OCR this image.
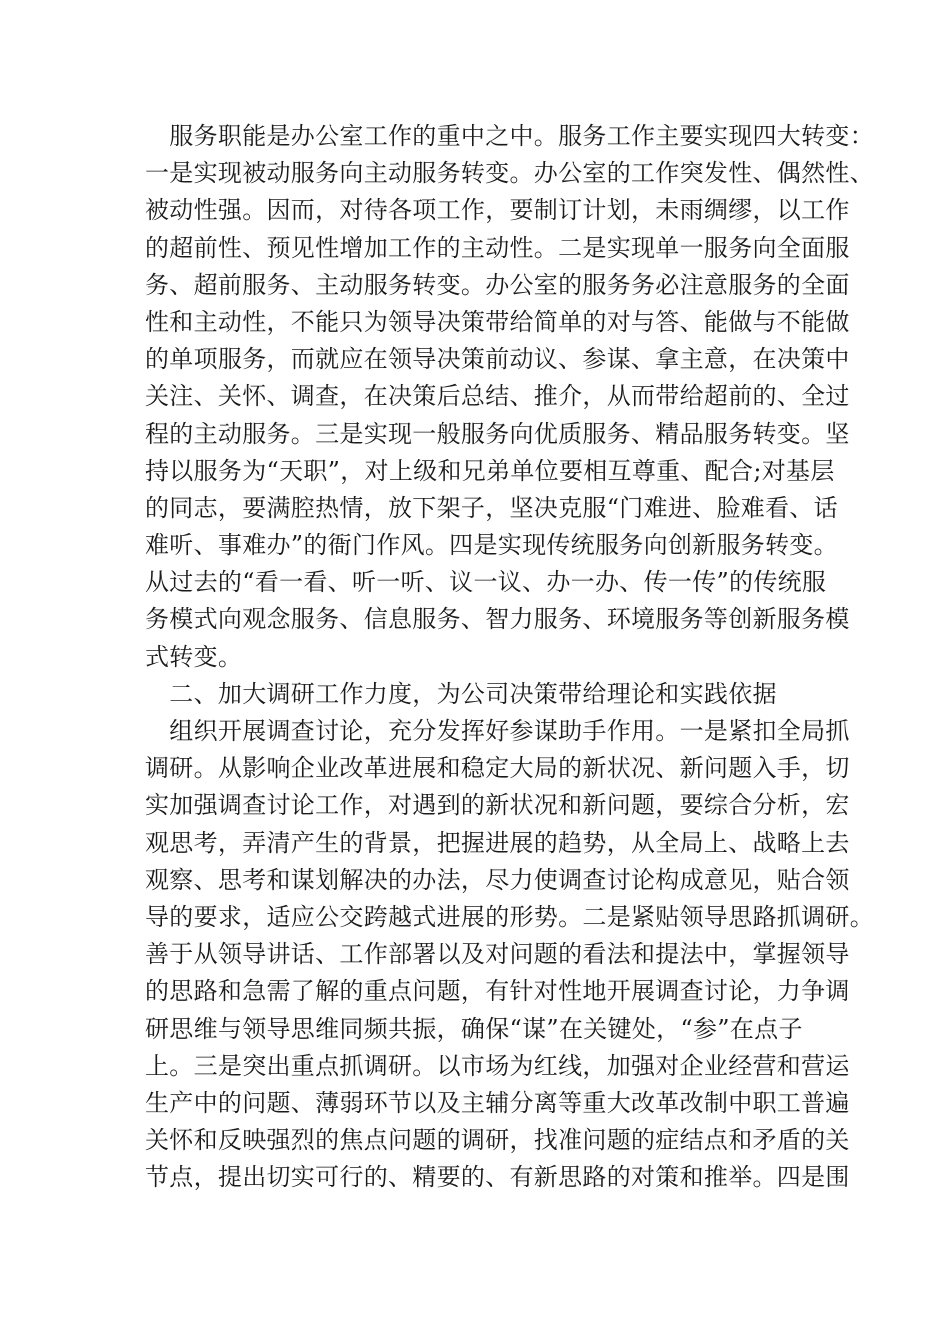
　服务职能是办公室工作的重中之中。服务工作主要实现四大转变：

一是实现被动服务向主动服务转变。办公室的工作突发性、偶然性、

被动性强。因而，对待各项工作，要制订计划，未雨绸缪，以工作

的超前性、预见性增加工作的主动性。二是实现单一服务向全面服

务、超前服务、主动服务转变。办公室的服务务必注意服务的全面

性和主动性，不能只为领导决策带给简单的对与答、能做与不能做

的单项服务，而就应在领导决策前动议、参谋、拿主意，在决策中

关注、关怀、调查，在决策后总结、推介，从而带给超前的、全过

程的主动服务。三是实现一般服务向优质服务、精品服务转变。坚

持以服务为“天职”，对上级和兄弟单位要相互尊重、配合;对基层

的同志，要满腔热情，放下架子，坚决克服“门难进、脸难看、话

难听、事难办”的衙门作风。四是实现传统服务向创新服务转变。

从过去的“看一看、听一听、议一议、办一办、传一传”的传统服

务模式向观念服务、信息服务、智力服务、环境服务等创新服务模

式转变。

　二、加大调研工作力度，为公司决策带给理论和实践依据

　组织开展调查讨论，充分发挥好参谋助手作用。一是紧扣全局抓

调研。从影响企业改革进展和稳定大局的新状况、新问题入手，切

实加强调查讨论工作，对遇到的新状况和新问题，要综合分析，宏

观思考，弄清产生的背景，把握进展的趋势，从全局上、战略上去

观察、思考和谋划解决的办法，尽力使调查讨论构成意见，贴合领

导的要求，适应公交跨越式进展的形势。二是紧贴领导思路抓调研。

善于从领导讲话、工作部署以及对问题的看法和提法中，掌握领导

的思路和急需了解的重点问题，有针对性地开展调查讨论，力争调

研思维与领导思维同频共振，确保“谋”在关键处，“参”在点子

上。三是突出重点抓调研。以市场为红线，加强对企业经营和营运

生产中的问题、薄弱环节以及主辅分离等重大改革改制中职工普遍

关怀和反映强烈的焦点问题的调研，找准问题的症结点和矛盾的关

节点，提出切实可行的、精要的、有新思路的对策和推举。四是围
